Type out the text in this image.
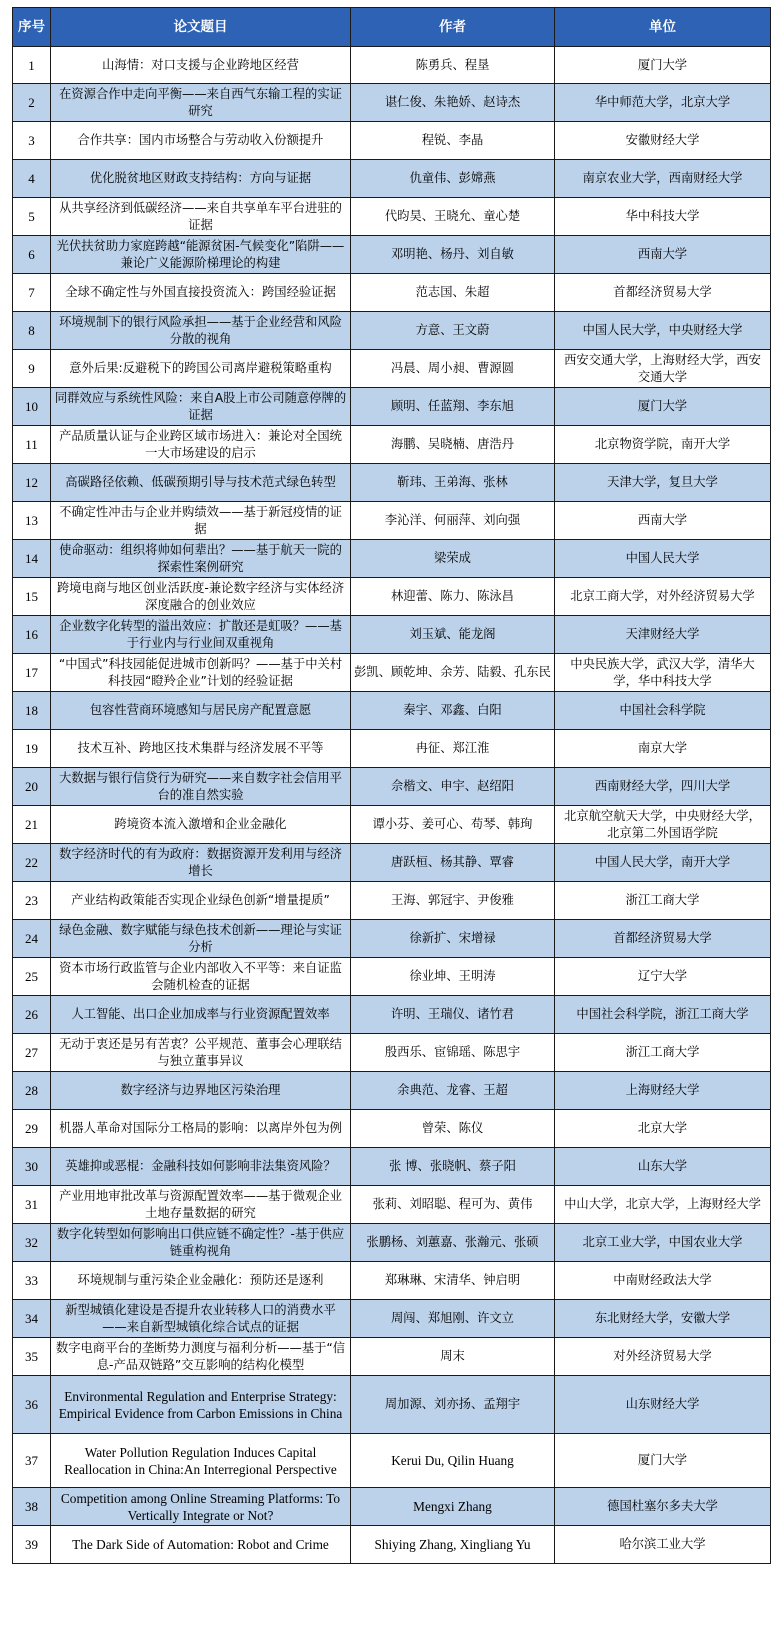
序号	论文题目	作者	单位
1	山海情：对口支援与企业跨地区经营	陈勇兵、程垦	厦门大学
2	在资源合作中走向平衡——来自西气东输工程的实证研究	谌仁俊、朱艳娇、赵诗杰	华中师范大学，北京大学
3	合作共享：国内市场整合与劳动收入份额提升	程锐、李晶	安徽财经大学
4	优化脱贫地区财政支持结构：方向与证据	仇童伟、彭嫦燕	南京农业大学，西南财经大学
5	从共享经济到低碳经济——来自共享单车平台进驻的证据	代昀昊、王晓允、童心楚	华中科技大学
6	光伏扶贫助力家庭跨越“能源贫困-气候变化”陷阱——兼论广义能源阶梯理论的构建	邓明艳、杨丹、刘自敏	西南大学
7	全球不确定性与外国直接投资流入：跨国经验证据	范志国、朱超	首都经济贸易大学
8	环境规制下的银行风险承担——基于企业经营和风险分散的视角	方意、王文蔚	中国人民大学，中央财经大学
9	意外后果:反避税下的跨国公司离岸避税策略重构	冯晨、周小昶、曹源圆	西安交通大学，上海财经大学，西安交通大学
10	同群效应与系统性风险：来自A股上市公司随意停牌的证据	顾明、任蓝翔、李东旭	厦门大学
11	产品质量认证与企业跨区域市场进入：兼论对全国统一大市场建设的启示	海鹏、吴晓楠、唐浩丹	北京物资学院，南开大学
12	高碳路径依赖、低碳预期引导与技术范式绿色转型	靳玮、王弟海、张林	天津大学，复旦大学
13	不确定性冲击与企业并购绩效——基于新冠疫情的证据	李沁洋、何丽萍、刘向强	西南大学
14	使命驱动：组织将帅如何辈出？——基于航天一院的探索性案例研究	梁荣成	中国人民大学
15	跨境电商与地区创业活跃度-兼论数字经济与实体经济深度融合的创业效应	林迎蕾、陈力、陈泳昌	北京工商大学，对外经济贸易大学
16	企业数字化转型的溢出效应：扩散还是虹吸？——基于行业内与行业间双重视角	刘玉斌、能龙阁	天津财经大学
17	“中国式”科技园能促进城市创新吗？——基于中关村科技园“瞪羚企业”计划的经验证据	彭凯、顾乾坤、余芳、陆毅、孔东民	中央民族大学，武汉大学，清华大学，华中科技大学
18	包容性营商环境感知与居民房产配置意愿	秦宇、邓鑫、白阳	中国社会科学院
19	技术互补、跨地区技术集群与经济发展不平等	冉征、郑江淮	南京大学
20	大数据与银行信贷行为研究——来自数字社会信用平台的准自然实验	佘楷文、申宇、赵绍阳	西南财经大学，四川大学
21	跨境资本流入激增和企业金融化	谭小芬、姜可心、苟琴、韩珣	北京航空航天大学，中央财经大学，北京第二外国语学院
22	数字经济时代的有为政府：数据资源开发利用与经济增长	唐跃桓、杨其静、覃睿	中国人民大学，南开大学
23	产业结构政策能否实现企业绿色创新“增量提质”	王海、郭冠宇、尹俊雅	浙江工商大学
24	绿色金融、数字赋能与绿色技术创新——理论与实证分析	徐新扩、宋增禄	首都经济贸易大学
25	资本市场行政监管与企业内部收入不平等：来自证监会随机检查的证据	徐业坤、王明涛	辽宁大学
26	人工智能、出口企业加成率与行业资源配置效率	许明、王瑞仪、诸竹君	中国社会科学院，浙江工商大学
27	无动于衷还是另有苦衷？公平规范、董事会心理联结与独立董事异议	殷西乐、宦锦瑶、陈思宇	浙江工商大学
28	数字经济与边界地区污染治理	余典范、龙睿、王超	上海财经大学
29	机器人革命对国际分工格局的影响：以离岸外包为例	曾荣、陈仪	北京大学
30	英雄抑或恶棍：金融科技如何影响非法集资风险？	张 博、张晓帆、蔡子阳	山东大学
31	产业用地审批改革与资源配置效率——基于微观企业土地存量数据的研究	张莉、刘昭聪、程可为、黄伟	中山大学，北京大学，上海财经大学
32	数字化转型如何影响出口供应链不确定性？-基于供应链重构视角	张鹏杨、刘蕙嘉、张瀚元、张硕	北京工业大学，中国农业大学
33	环境规制与重污染企业金融化：预防还是逐利	郑琳琳、宋清华、钟启明	中南财经政法大学
34	新型城镇化建设是否提升农业转移人口的消费水平——来自新型城镇化综合试点的证据	周闯、郑旭刚、许文立	东北财经大学，安徽大学
35	数字电商平台的垄断势力测度与福利分析——基于“信息-产品双链路”交互影响的结构化模型	周末	对外经济贸易大学
36	Environmental Regulation and Enterprise Strategy: Empirical Evidence from Carbon Emissions in China	周加源、刘亦扬、孟翔宇	山东财经大学
37	Water Pollution Regulation Induces Capital Reallocation in China:An Interregional Perspective	Kerui Du, Qilin Huang	厦门大学
38	Competition among Online Streaming Platforms: To Vertically Integrate or Not?	Mengxi Zhang	德国杜塞尔多夫大学
39	The Dark Side of Automation: Robot and Crime	Shiying Zhang, Xingliang Yu	哈尔滨工业大学
